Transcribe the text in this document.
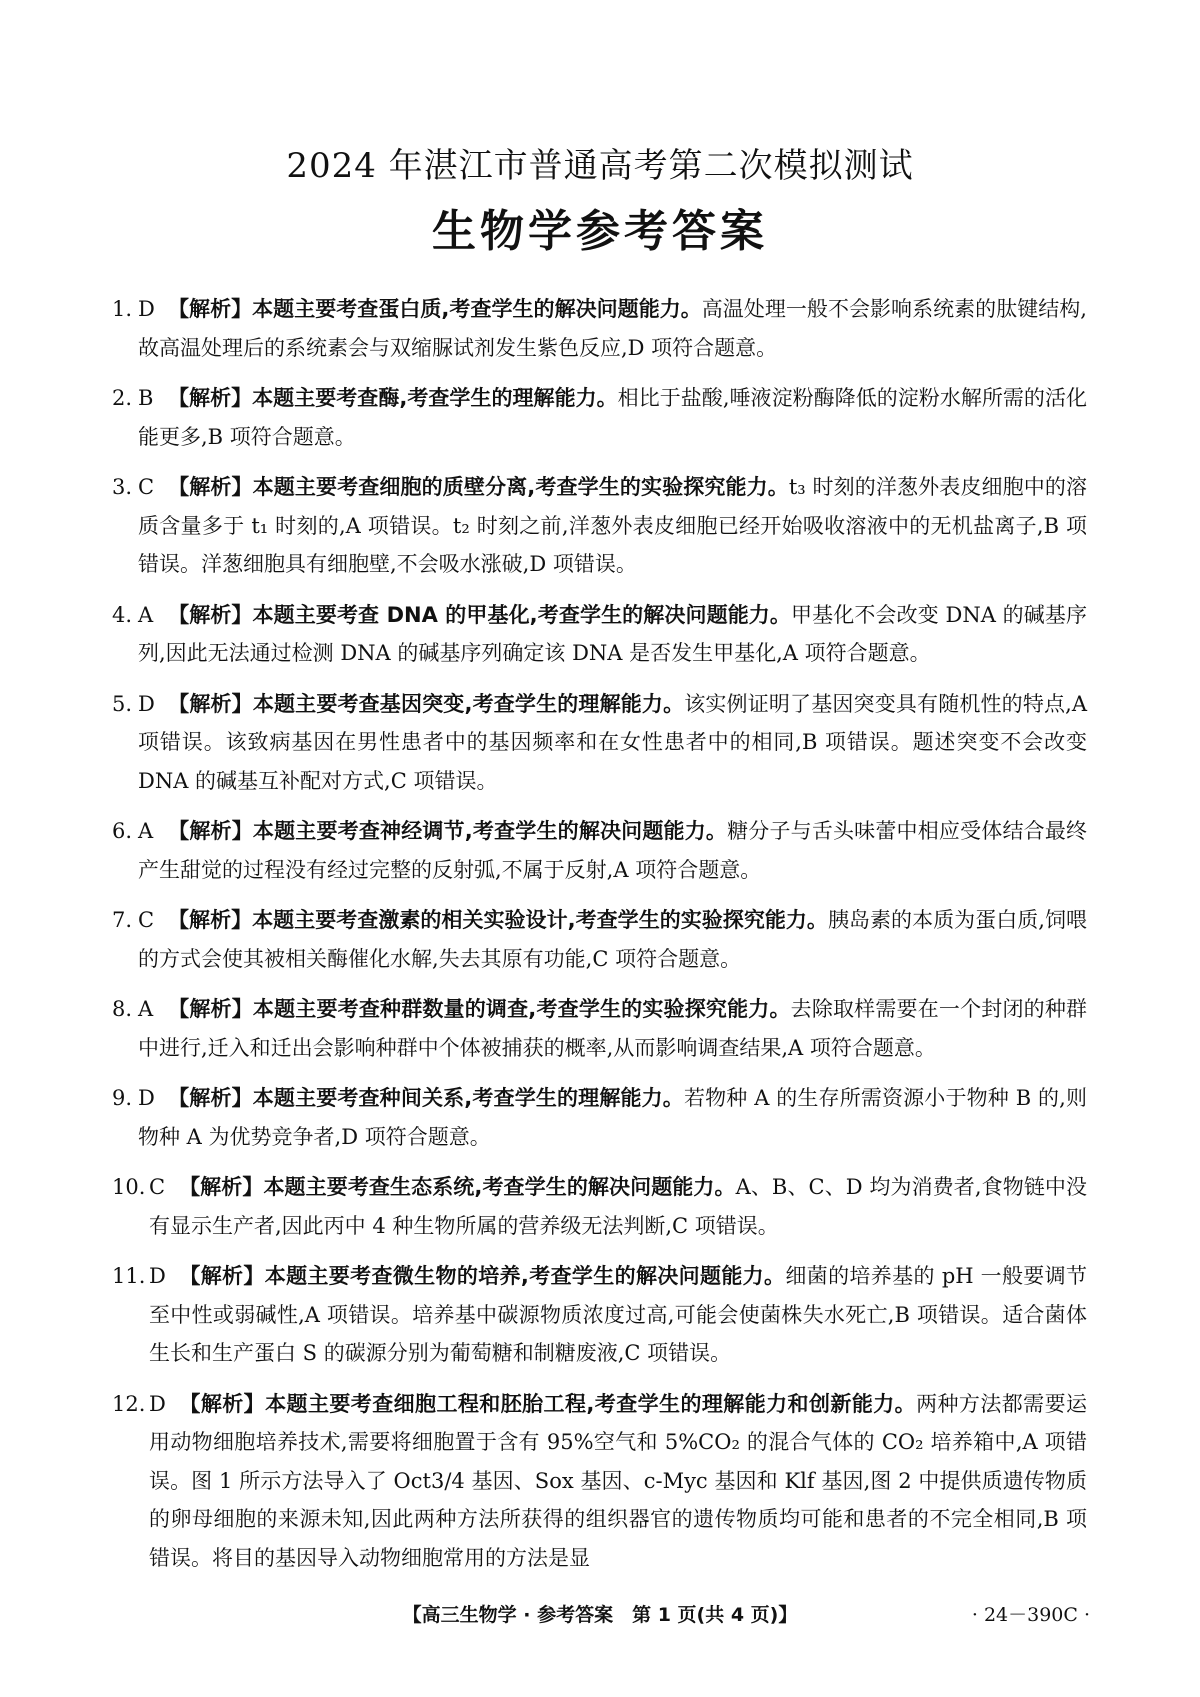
2024 年湛江市普通高考第二次模拟测试
生物学参考答案
1. D 【解析】本题主要考查蛋白质,考查学生的解决问题能力。高温处理一般不会影响系统素的肽键结构,故高温处理后的系统素会与双缩脲试剂发生紫色反应,D 项符合题意。
2. B 【解析】本题主要考查酶,考查学生的理解能力。相比于盐酸,唾液淀粉酶降低的淀粉水解所需的活化能更多,B 项符合题意。
3. C 【解析】本题主要考查细胞的质壁分离,考查学生的实验探究能力。t₃ 时刻的洋葱外表皮细胞中的溶质含量多于 t₁ 时刻的,A 项错误。t₂ 时刻之前,洋葱外表皮细胞已经开始吸收溶液中的无机盐离子,B 项错误。洋葱细胞具有细胞壁,不会吸水涨破,D 项错误。
4. A 【解析】本题主要考查 DNA 的甲基化,考查学生的解决问题能力。甲基化不会改变 DNA 的碱基序列,因此无法通过检测 DNA 的碱基序列确定该 DNA 是否发生甲基化,A 项符合题意。
5. D 【解析】本题主要考查基因突变,考查学生的理解能力。该实例证明了基因突变具有随机性的特点,A 项错误。该致病基因在男性患者中的基因频率和在女性患者中的相同,B 项错误。题述突变不会改变 DNA 的碱基互补配对方式,C 项错误。
6. A 【解析】本题主要考查神经调节,考查学生的解决问题能力。糖分子与舌头味蕾中相应受体结合最终产生甜觉的过程没有经过完整的反射弧,不属于反射,A 项符合题意。
7. C 【解析】本题主要考查激素的相关实验设计,考查学生的实验探究能力。胰岛素的本质为蛋白质,饲喂的方式会使其被相关酶催化水解,失去其原有功能,C 项符合题意。
8. A 【解析】本题主要考查种群数量的调查,考查学生的实验探究能力。去除取样需要在一个封闭的种群中进行,迁入和迁出会影响种群中个体被捕获的概率,从而影响调查结果,A 项符合题意。
9. D 【解析】本题主要考查种间关系,考查学生的理解能力。若物种 A 的生存所需资源小于物种 B 的,则物种 A 为优势竞争者,D 项符合题意。
10. C 【解析】本题主要考查生态系统,考查学生的解决问题能力。A、B、C、D 均为消费者,食物链中没有显示生产者,因此丙中 4 种生物所属的营养级无法判断,C 项错误。
11. D 【解析】本题主要考查微生物的培养,考查学生的解决问题能力。细菌的培养基的 pH 一般要调节至中性或弱碱性,A 项错误。培养基中碳源物质浓度过高,可能会使菌株失水死亡,B 项错误。适合菌体生长和生产蛋白 S 的碳源分别为葡萄糖和制糖废液,C 项错误。
12. D 【解析】本题主要考查细胞工程和胚胎工程,考查学生的理解能力和创新能力。两种方法都需要运用动物细胞培养技术,需要将细胞置于含有 95%空气和 5%CO₂ 的混合气体的 CO₂ 培养箱中,A 项错误。图 1 所示方法导入了 Oct3/4 基因、Sox 基因、c-Myc 基因和 Klf 基因,图 2 中提供质遗传物质的卵母细胞的来源未知,因此两种方法所获得的组织器官的遗传物质均可能和患者的不完全相同,B 项错误。将目的基因导入动物细胞常用的方法是显
【高三生物学 · 参考答案　第 1 页(共 4 页)】	· 24－390C ·
